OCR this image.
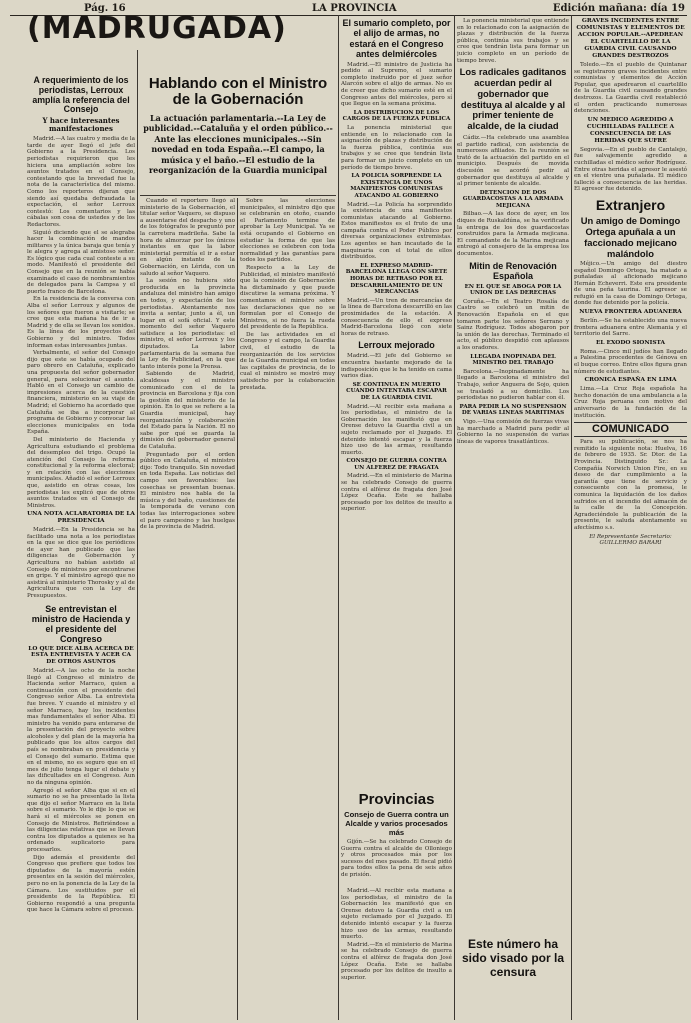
Pág. 16	LA PROVINCIA	Edición mañana: día 19
(MADRUGADA)
A requerimiento de los periodistas, Lerroux amplía la referencia del Consejo
Y hace interesantes manifestaciones

Madrid.—A las cuatro y media de la tarde de ayer llegó el jefe del Gobierno a la Presidencia. Los periodistas requirieron que les hiciera una ampliación sobre los asuntos tratados en el Consejo, contestando que la brevedad fue la nota de la característica del mismo. Como los reporteros dijeran que siendo así quedaba defraudada la expectación, el señor Lerroux contestó: Los comentarios y las cábalas son cosa de ustedes y de los Redactores.

Siguió diciendo que el se alegraba hacer la combinación de mandos militares y la única baraja que tenía y le alegra y agrega al amistoso señor. Es lógico que cada cual conteste a su modo. Manifestó el presidente del Consejo que en la reunión se había examinado el caso de nombramientos de delegados para la Campsa y el puerto franco de Barcelona.

En la residencia de la conversa con Alba el señor Lerroux y algunos de los señores que fueron a visitarle; se cree que esta mañana ha de ir a Madrid y de ella se llevan los sonidos. Es la línea de los proyectos del Gobierno y del ministro. Todos informan estas interesantes juntas.

Verbalmente, el señor del Consejo dijo que este se había ocupado del paro obrero en Cataluña, explicado una propuesta del señor gobernador general, para solucionar el asunto. Habló en el Consejo un cambio de impresiones acerca de la cuestión financiera, ministerio en su viaje de Madrid; el Gobierno ha acordado que Cataluña se iba a incorporar al programa de Gobierno y convocar las elecciones municipales en toda España.

Del ministerio de Hacienda y Agricultura estudiando el problema del desempleo del trigo. Ocupó la atención del Consejo la reforma constitucional y la reforma electoral; y en relación con las elecciones municipales. Añadió el señor Lerroux que, asistido en otras cosas, los periodistas les explicó que de otros asuntos tratados en el Consejo de Ministros.

UNA NOTA ACLARATORIA DE LA PRESIDENCIA

Madrid.—En la Presidencia se ha facilitado una nota a los periodistas en la que se dice que los periódicos de ayer han publicado que las diligencias de Gobernación y Agricultura no habían asistido al Consejo de ministros por encontrarse en gripe. Y el ministro agregó que no asistirá al ministerio Thorosky y al de Agricultura que con la Ley de Presupuestos.

Se entrevistan el ministro de Hacienda y el presidente del Congreso
LO QUE DICE ALBA ACERCA DE ESTA ENTREVISTA Y ACER CA DE OTROS ASUNTOS

Madrid.—A las ocho de la noche llegó al Congreso el ministro de Hacienda señor Marraco, quien a continuación con el presidente del Congreso señor Alba. La entrevista fue breve. Y cuando el ministro y el señor Marraco, hay los incidentes mas fundamentales el señor Alba. El ministro ha venido para enterarse de la presentación del proyecto sobre alcoholes y del plan de la mayoría ha publicado que los altos cargos del país se nombraban en presidencia y el Consejo del sumario. Estima que en el mismo, no es seguro que en el mes de julio tenga lugar el debate y las dificultades en el Congreso. Aun no da ninguna opinión.

Agregó el señor Alba que si en el sumario no se ha presentado la lista que dijo el señor Marraco en la lista sobre el sumario. Yo le dije lo que se hará si el miércoles se ponen en Consejo de Ministros. Refiriéndose a las diligencias relativas que se llevan contra los diputados a quienes se ha ordenado suplicatorio para procesarlos.

Dijo además el presidente del Congreso que prefiere que todos los diputados de la mayoría estén presentes en la sesión del miércoles, pero no en la ponencia de la Ley de la Cámara. Los sustituidos por el presidente de la República. El Gobierno respondió a una pregunta que hace la Cámara sobre el proceso.

Hablando con el Ministro de la Gobernación
La actuación parlamentaria.--La Ley de publicidad.--Cataluña y el orden público.--Ante las elecciones municipales.--Sin novedad en toda España.--El campo, la música y el baño.--El estudio de la reorganización de la Guardia municipal

Cuando el reportero llegó al ministerio de la Gobernación, el titular señor Vaquero, se dispuso a ausentarse del despacho y uno de los fotógrafos le preguntó por la carretera madrileña. Sabe la hora de almorzar por los únicos instantes en que la labor ministerial permitía el ir a estar en algún instante de la Gobernación, en Lérida, con un saludo al señor Vaquero.

La sesión no hubiera sido producida en la provincia andaluza del ministro han amigo en todos, y expectación de los periodistas. Atentamente nos invita a sentar, junto a él, un lugar en el sofá oficial. Y este momento del señor Vaquero satisface a los periodistas: el ministro, el señor Lerroux y los diputados. La labor parlamentaria de la semana fue la Ley de Publicidad, en la que tanto interés pone la Prensa.

Sabiendo de Madrid, alcaldesas y el ministro comunicado con el de la provincia en Barcelona y fija con la gestión del ministerio de la opinión. En lo que se refiere a la Guardia municipal, hay reorganización y colaboración del Estado para la Nación. El no sabe por qué se guarda la dimisión del gobernador general de Cataluña.

Preguntado por el orden público en Cataluña, el ministro dijo: Todo tranquilo. Sin novedad en toda España. Las noticias del campo son favorables: las cosechas se presentan buenas. El ministro nos habla de la música y del baño, cuestiones de la temporada de verano con todas las interrogaciones sobre el paro campesino y las huelgas de la provincia de Madrid.

Sobre las elecciones municipales, el ministro dijo que se celebrarán en otoño, cuando el Parlamento termine de aprobar la Ley Municipal. Ya se está ocupando el Gobierno en estudiar la forma de que las elecciones se celebren con toda normalidad y las garantías para todos los partidos.

Respecto a la Ley de Publicidad, el ministro manifestó que la comisión de Gobernación ha dictaminado y que puede discutirse la semana próxima. Y comentamos el ministro sobre las declaraciones que no se formulan por el Consejo de Ministros, si no fuera la rueda del presidente de la República.

De las actividades en el Congreso y el campo, la Guardia civil, el estudio de la reorganización de los servicios de la Guardia municipal en todas las capitales de provincia, de lo cual el ministro se mostró muy satisfecho por la colaboración prestada.

El sumario completo, por el alijo de armas, no estará en el Congreso antes delmiércoles

Madrid.—El ministro de Justicia ha pedido al Supremo, el sumario completo instruido por el juez señor Alarcón sobre el alijo de armas. No es de creer que dicho sumario esté en el Congreso antes del miércoles, pero sí que llegue en la semana próxima.

LA DISTRIBUCION DE LOS CARGOS DE LA FUERZA PUBLICA

La ponencia ministerial que entiende en lo relacionado con la asignación de plazas y distribución de la fuerza pública, continúa sus trabajos y se cree que tendrán lista para formar un juicio completo en un período de tiempo breve.

LA POLICIA SORPRENDE LA EXISTENCIA DE UNOS MANIFIESTOS COMUNISTAS ATACANDO AL GOBIERNO

Madrid.—La Policía ha sorprendido la existencia de una manifiestos comunistas atacando al Gobierno. Estos manifiestos es el fruto de una campaña contra el Poder Público por diversas organizaciones extremistas. Los agentes se han incautado de la maquinaria con el total de ellos distribuidos.

EL EXPRESO MADRID-BARCELONA LLEGA CON SIETE HORAS DE RETRASO POR EL DESCARRILAMIENTO DE UN MERCANCIAS

Madrid.—Un tren de mercancías de la línea de Barcelona descarrilló en las proximidades de la estación. A consecuencia de ello el expreso Madrid-Barcelona llegó con siete horas de retraso.

Lerroux mejorado

Madrid.—El jefe del Gobierno se encuentra bastante mejorado de la indisposición que le ha tenido en cama varios días.

SE CONTINUA EN MUERTO CUANDO INTENTABA ESCAPAR DE LA GUARDIA CIVIL

Madrid.—Al recibir esta mañana a los periodistas, el ministro de la Gobernación les manifestó que en Orense detuvo la Guardia civil a un sujeto reclamado por el Juzgado. El detenido intentó escapar y la fuerza hizo uso de las armas, resultando muerto.

CONSEJO DE GUERRA CONTRA UN ALFEREZ DE FRAGATA

Madrid.—En el ministerio de Marina se ha celebrado Consejo de guerra contra el alférez de fragata don José López Ocaña. Este se hallaba procesado por los delitos de insulto a superior.

La ponencia ministerial que entiende en lo relacionado con la asignación de plazas y distribución de la fuerza pública, continúa sus trabajos y se cree que tendrán lista para formar un juicio completo en un período de tiempo breve.

Los radicales gaditanos acuerdan pedir al gobernador que destituya al alcalde y al primer teniente de alcalde, de la ciudad

Cádiz.—Ha celebrado una asamblea el partido radical, con asistencia de numerosos afiliados. En la reunión se trató de la actuación del partido en el municipio. Después de movida discusión se acordó pedir al gobernador que destituya al alcalde y al primer teniente de alcalde.

DETENCION DE DOS GUARDACOSTAS A LA ARMADA MEJICANA

Bilbao.—A las doce de ayer, en los diques de Ruskaldúna, se ha verificado la entrega de los dos guardacostas construidos para la Armada mejicana. El comandante de la Marina mejicana entregó al consejero de la empresa los documentos.

Mitin de Renovación Española
EN EL QUE SE ABOGA POR LA UNION DE LAS DERECHAS

Coruña.—En el Teatro Rosalía de Castro se celebró un mitin de Renovación Española en el que tomaron parte los señores Serrano y Sainz Rodríguez. Todos abogaron por la unión de las derechas. Terminado el acto, el público despidió con aplausos a los oradores.

LLEGADA INOPINADA DEL MINISTRO DEL TRABAJO

Barcelona.—Inopinadamente ha llegado a Barcelona el ministro del Trabajo, señor Anguera de Sojo, quien se trasladó a su domicilio. Los periodistas no pudieron hablar con él.

PARA PEDIR LA NO SUSPENSION DE VARIAS LINEAS MARITIMAS

Vigo.—Una comisión de fuerzas vivas ha marchado a Madrid para pedir al Gobierno la no suspensión de varias líneas de vapores trasatlánticos.

Provincias
Consejo de Guerra contra un Alcalde y varios procesados más

Gijón.—Se ha celebrado Consejo de Guerra contra el alcalde de Olloniego y otros procesados más por los sucesos del mes pasado. El fiscal pidió para todos ellos la pena de seis años de prisión.

Madrid.—Al recibir esta mañana a los periodistas, el ministro de la Gobernación les manifestó que en Orense detuvo la Guardia civil a un sujeto reclamado por el Juzgado. El detenido intentó escapar y la fuerza hizo uso de las armas, resultando muerto.

Madrid.—En el ministerio de Marina se ha celebrado Consejo de guerra contra el alférez de fragata don José López Ocaña. Este se hallaba procesado por los delitos de insulto a superior.

Este número ha sido visado por la censura
GRAVES INCIDENTES ENTRE COMUNISTAS Y ELEMENTOS DE ACCION POPULAR.--APEDREAN EL CUARTELILLO DE LA GUARDIA CIVIL CAUSANDO GRANDES DESTROZOS

Toledo.—En el pueblo de Quintanar se registraron graves incidentes entre comunistas y elementos de Acción Popular, que apedrearon el cuartelillo de la Guardia civil causando grandes destrozos. La Guardia civil restableció el orden practicando numerosas detenciones.

UN MEDICO AGREDIDO A CUCHILLADAS FALLECE A CONSECUENCIA DE LAS HERIDAS QUE SUFRE

Segovia.—En el pueblo de Cantalejo, fue salvajemente agredido a cuchilladas el médico señor Rodríguez. Entre otras heridas el agresor le asestó en el vientre una puñalada. El médico falleció a consecuencia de las heridas. El agresor fue detenido.

Extranjero
Un amigo de Domingo Ortega apuñala a un faccionado mejicano malándolo

Méjico.—Un amigo del diestro español Domingo Ortega, ha matado a puñaladas al aficionado mejicano Hernán Echeverri. Este era presidente de una peña taurina. El agresor se refugió en la casa de Domingo Ortega, donde fue detenido por la policía.

NUEVA FRONTERA ADUANERA

Berlín.—Se ha establecido una nueva frontera aduanera entre Alemania y el territorio del Sarre.

EL EXODO SIONISTA

Roma.—Cinco mil judíos han llegado a Palestina procedentes de Génova en el buque correo. Entre ellos figura gran número de estudiantes.

CRONICA ESPAÑA EN LIMA

Lima.—La Cruz Roja española ha hecho donación de una ambulancia a la Cruz Roja peruana con motivo del aniversario de la fundación de la institución.

COMUNICADO

Para su publicación, se nos ha remitido la siguiente nota: Huelva, 16 de febrero de 1935. Sr. Dtor. de La Provincia. Distinguido Sr.: La Compañía Norwich Union Fire, en su deseo de dar cumplimiento a la garantía que tiene de servicio y consecuente con la promesa, le comunica la liquidación de los daños sufridos en el incendio del almacén de la calle de la Concepción. Agradeciéndole la publicación de la presente, le saluda atentamente su afectísimo s.s.

El Representante Secretario: GUILLERMO BARARI
